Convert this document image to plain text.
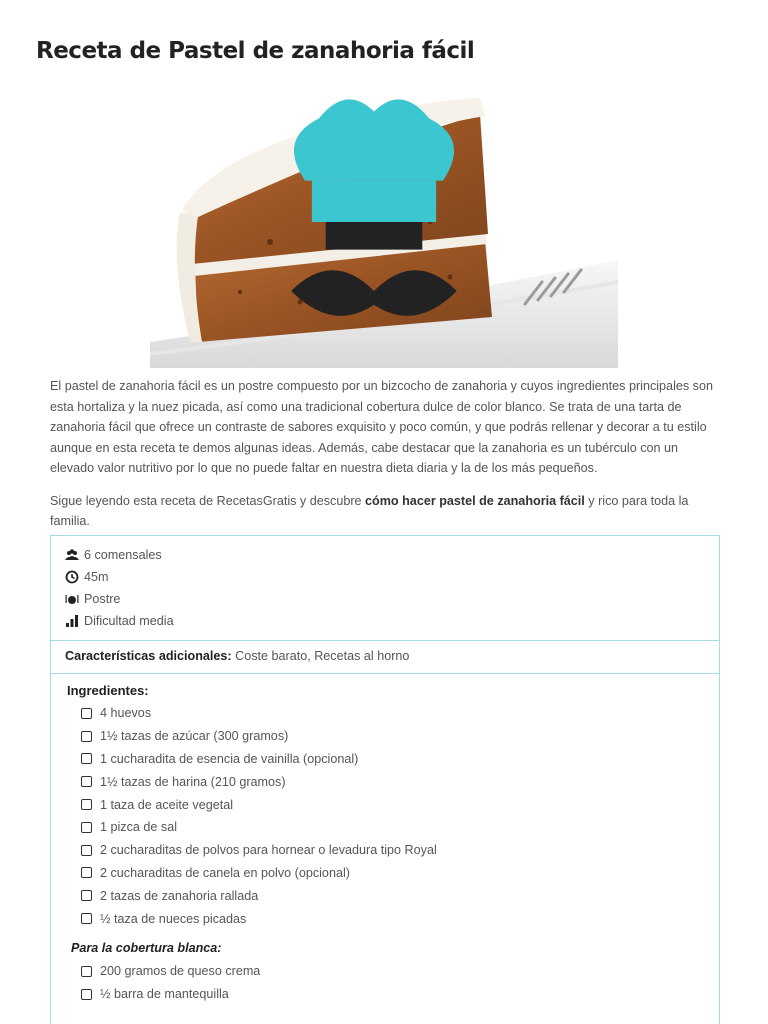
Receta de Pastel de zanahoria fácil

El pastel de zanahoria fácil es un postre compuesto por un bizcocho de zanahoria y cuyos ingredientes principales son esta hortaliza y la nuez picada, así como una tradicional cobertura dulce de color blanco. Se trata de una tarta de zanahoria fácil que ofrece un contraste de sabores exquisito y poco común, y que podrás rellenar y decorar a tu estilo aunque en esta receta te demos algunas ideas. Además, cabe destacar que la zanahoria es un tubérculo con un elevado valor nutritivo por lo que no puede faltar en nuestra dieta diaria y la de los más pequeños.

Sigue leyendo esta receta de RecetasGratis y descubre cómo hacer pastel de zanahoria fácil y rico para toda la familia.

6 comensales
45m
Postre
Dificultad media
Características adicionales: Coste barato, Recetas al horno
Ingredientes:
4 huevos
1½ tazas de azúcar (300 gramos)
1 cucharadita de esencia de vainilla (opcional)
1½ tazas de harina (210 gramos)
1 taza de aceite vegetal
1 pizca de sal
2 cucharaditas de polvos para hornear o levadura tipo Royal
2 cucharaditas de canela en polvo (opcional)
2 tazas de zanahoria rallada
½ taza de nueces picadas
Para la cobertura blanca:
200 gramos de queso crema
½ barra de mantequilla
